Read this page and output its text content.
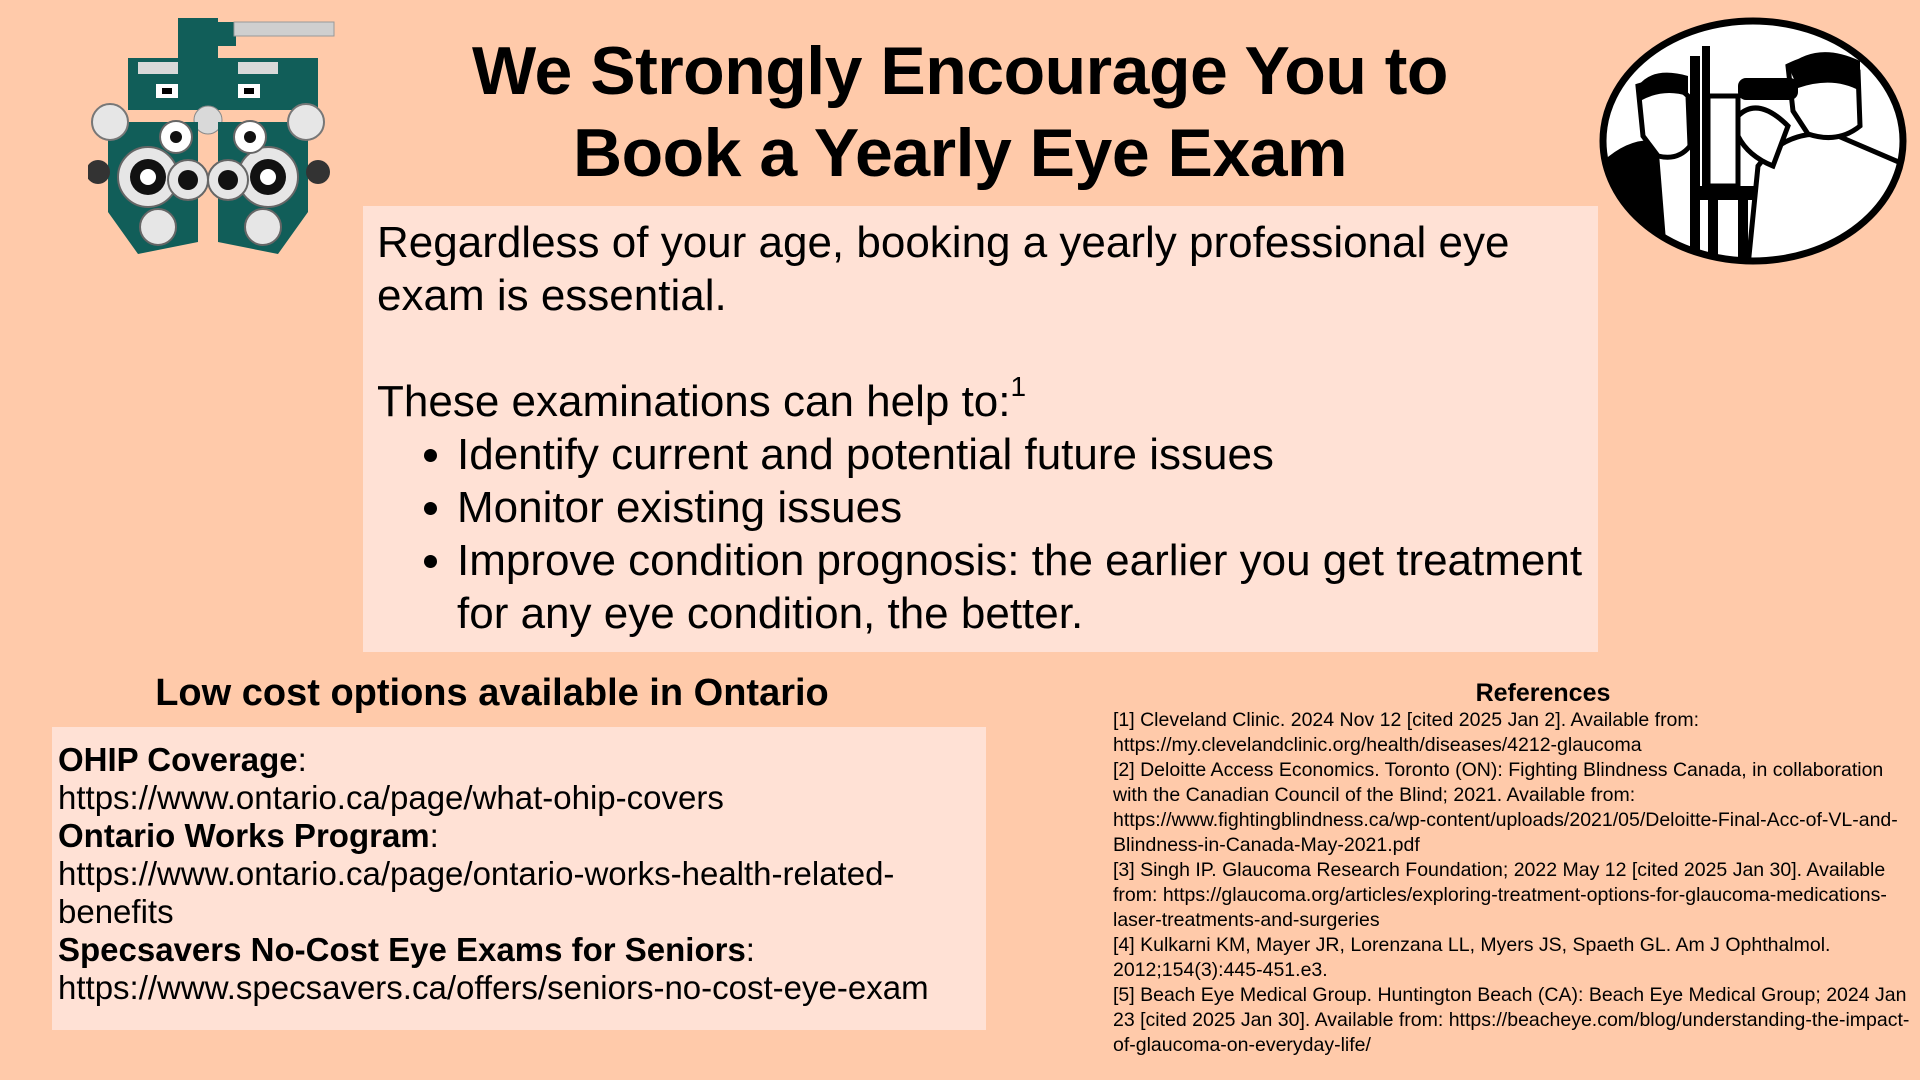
We Strongly Encourage You to
Book a Yearly Eye Exam

Regardless of your age, booking a yearly professional eye exam is essential.

These examinations can help to:$^1$

• Identify current and potential future issues
• Monitor existing issues
• Improve condition prognosis: the earlier you get treatment for any eye condition, the better.
Low cost options available in Ontario
OHIP Coverage:
https://www.ontario.ca/page/what-ohip-covers
Ontario Works Program:
https://www.ontario.ca/page/ontario-works-health-related-benefits
Specsavers No-Cost Eye Exams for Seniors:
https://www.specsavers.ca/offers/seniors-no-cost-eye-exam
References
[1] Cleveland Clinic. 2024 Nov 12 [cited 2025 Jan 2]. Available from: https://my.clevelandclinic.org/health/diseases/4212-glaucoma
[2] Deloitte Access Economics. Toronto (ON): Fighting Blindness Canada, in collaboration with the Canadian Council of the Blind; 2021. Available from: https://www.fightingblindness.ca/wp-content/uploads/2021/05/Deloitte-Final-Acc-of-VL-and-Blindness-in-Canada-May-2021.pdf
[3] Singh IP. Glaucoma Research Foundation; 2022 May 12 [cited 2025 Jan 30]. Available from: https://glaucoma.org/articles/exploring-treatment-options-for-glaucoma-medications-laser-treatments-and-surgeries
[4] Kulkarni KM, Mayer JR, Lorenzana LL, Myers JS, Spaeth GL. Am J Ophthalmol. 2012;154(3):445-451.e3.
[5] Beach Eye Medical Group. Huntington Beach (CA): Beach Eye Medical Group; 2024 Jan 23 [cited 2025 Jan 30]. Available from: https://beacheye.com/blog/understanding-the-impact-of-glaucoma-on-everyday-life/
